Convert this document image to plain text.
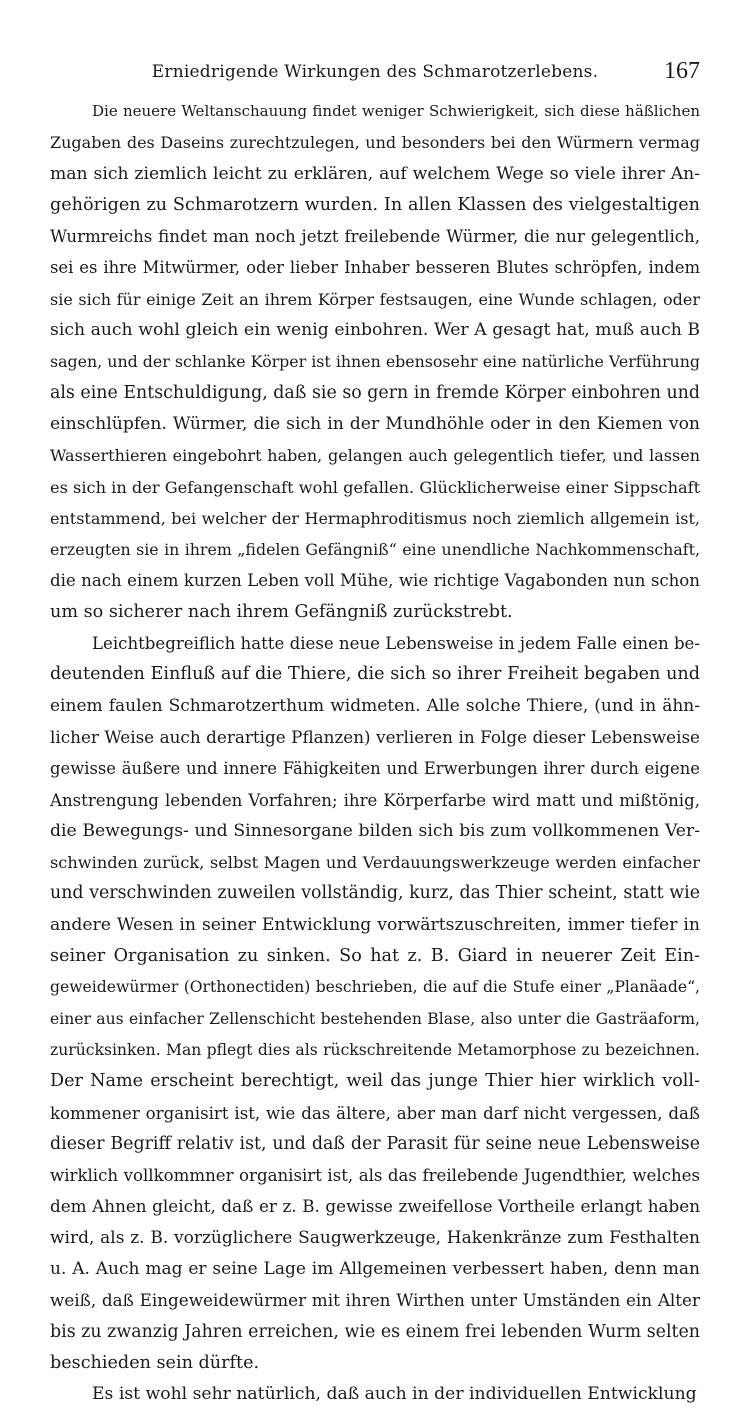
Erniedrigende Wirkungen des Schmarotzerlebens.	167
Die neuere Weltanschauung findet weniger Schwierigkeit, sich diese häßlichen
Zugaben des Daseins zurechtzulegen, und besonders bei den Würmern vermag
man sich ziemlich leicht zu erklären, auf welchem Wege so viele ihrer An-
gehörigen zu Schmarotzern wurden. In allen Klassen des vielgestaltigen
Wurmreichs findet man noch jetzt freilebende Würmer, die nur gelegentlich,
sei es ihre Mitwürmer, oder lieber Inhaber besseren Blutes schröpfen, indem
sie sich für einige Zeit an ihrem Körper festsaugen, eine Wunde schlagen, oder
sich auch wohl gleich ein wenig einbohren. Wer A gesagt hat, muß auch B
sagen, und der schlanke Körper ist ihnen ebensosehr eine natürliche Verführung
als eine Entschuldigung, daß sie so gern in fremde Körper einbohren und
einschlüpfen. Würmer, die sich in der Mundhöhle oder in den Kiemen von
Wasserthieren eingebohrt haben, gelangen auch gelegentlich tiefer, und lassen
es sich in der Gefangenschaft wohl gefallen. Glücklicherweise einer Sippschaft
entstammend, bei welcher der Hermaphroditismus noch ziemlich allgemein ist,
erzeugten sie in ihrem „fidelen Gefängniß“ eine unendliche Nachkommenschaft,
die nach einem kurzen Leben voll Mühe, wie richtige Vagabonden nun schon
um so sicherer nach ihrem Gefängniß zurückstrebt.
Leichtbegreiflich hatte diese neue Lebensweise in jedem Falle einen be-
deutenden Einfluß auf die Thiere, die sich so ihrer Freiheit begaben und
einem faulen Schmarotzerthum widmeten. Alle solche Thiere, (und in ähn-
licher Weise auch derartige Pflanzen) verlieren in Folge dieser Lebensweise
gewisse äußere und innere Fähigkeiten und Erwerbungen ihrer durch eigene
Anstrengung lebenden Vorfahren; ihre Körperfarbe wird matt und mißtönig,
die Bewegungs- und Sinnesorgane bilden sich bis zum vollkommenen Ver-
schwinden zurück, selbst Magen und Verdauungswerkzeuge werden einfacher
und verschwinden zuweilen vollständig, kurz, das Thier scheint, statt wie
andere Wesen in seiner Entwicklung vorwärtszuschreiten, immer tiefer in
seiner Organisation zu sinken. So hat z. B. Giard in neuerer Zeit Ein-
geweidewürmer (Orthonectiden) beschrieben, die auf die Stufe einer „Planäade“,
einer aus einfacher Zellenschicht bestehenden Blase, also unter die Gasträaform,
zurücksinken. Man pflegt dies als rückschreitende Metamorphose zu bezeichnen.
Der Name erscheint berechtigt, weil das junge Thier hier wirklich voll-
kommener organisirt ist, wie das ältere, aber man darf nicht vergessen, daß
dieser Begriff relativ ist, und daß der Parasit für seine neue Lebensweise
wirklich vollkommner organisirt ist, als das freilebende Jugendthier, welches
dem Ahnen gleicht, daß er z. B. gewisse zweifellose Vortheile erlangt haben
wird, als z. B. vorzüglichere Saugwerkzeuge, Hakenkränze zum Festhalten
u. A. Auch mag er seine Lage im Allgemeinen verbessert haben, denn man
weiß, daß Eingeweidewürmer mit ihren Wirthen unter Umständen ein Alter
bis zu zwanzig Jahren erreichen, wie es einem frei lebenden Wurm selten
beschieden sein dürfte.
Es ist wohl sehr natürlich, daß auch in der individuellen Entwicklung
